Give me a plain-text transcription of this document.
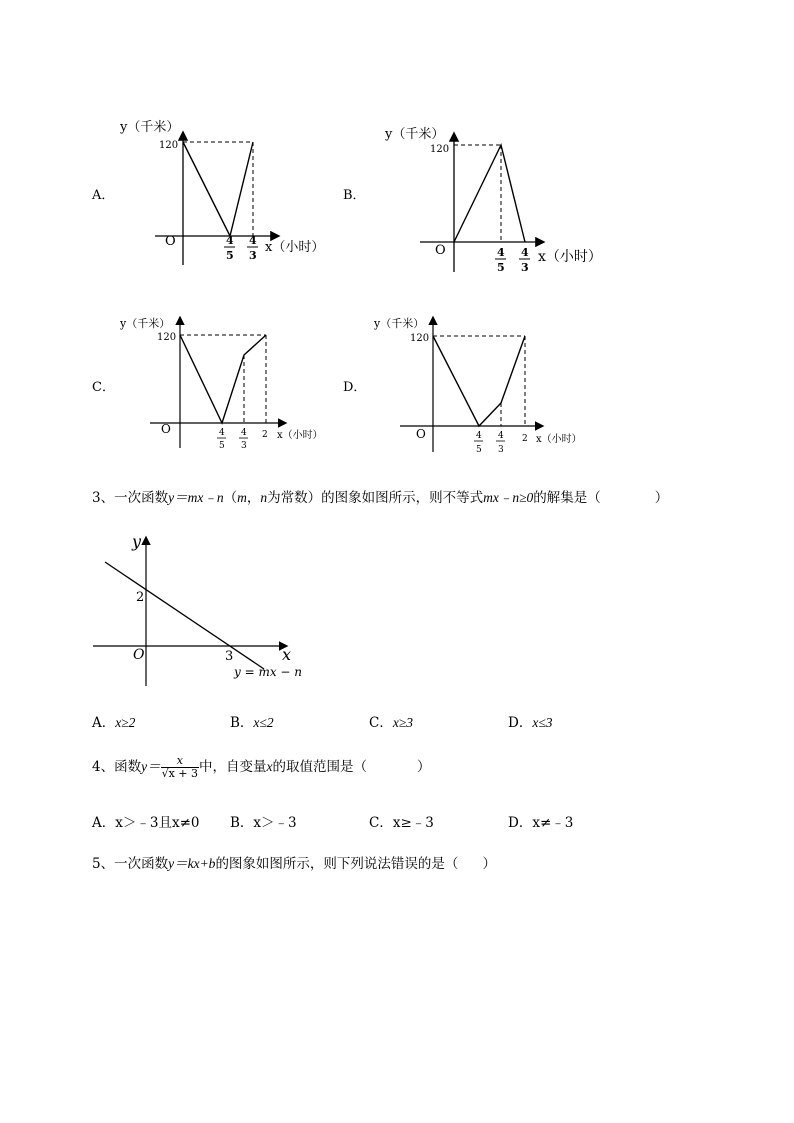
A．
y（千米）
120
O	4
5
4
3
x（小时）
B．
y（千米）
120
O	4
5
4
3
x（小时）
C．
y（千米）
120
O	4
5
4
3
2 x（小时）
D．
y（千米）
120
O	4
5
4
3
2 x（小时）
3、一次函数y＝mx﹣n（m，n为常数）的图象如图所示，则不等式mx﹣n≥0的解集是（	）
y
x
O
2
3
y = mx − n
A．x≥2	B．x≤2	C．x≥3	D．x≤3
4、函数$y= \frac{x}{√x + 3}$ 中，自变量x的取值范围是（	）
A．x＞﹣3且x≠0 B．x＞﹣3	C．x≥﹣3	D．x≠﹣3
5、一次函数y＝kx+b的图象如图所示，则下列说法错误的是（ ）
